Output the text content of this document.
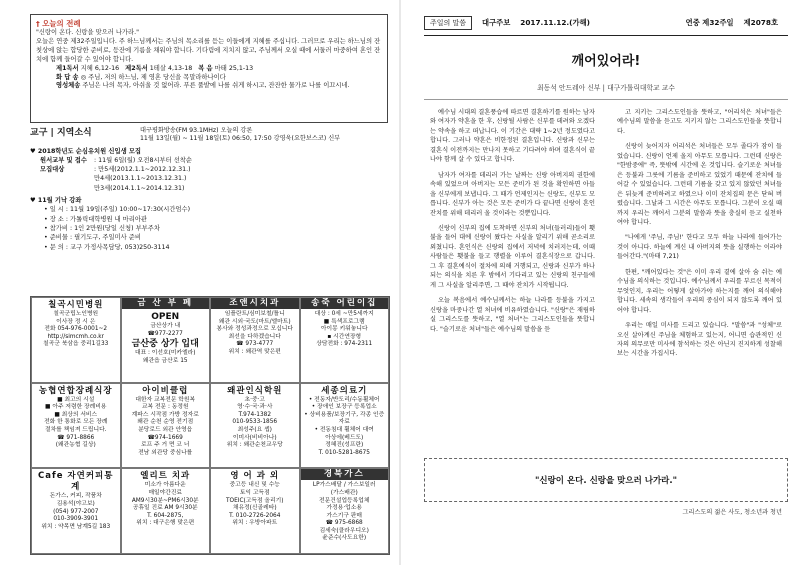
† 오늘의 전례
"신랑이 온다. 신랑을 맞으러 나가라."
오늘은 연중 제32주일입니다. 주 하느님께서는 주님의 목소리를 듣는 이들에게 지혜를 주십니다. 그러므로 우리는 하느님의 잔칫상에 앉는 합당한 준비로, 등잔에 기름을 채워야 합니다. 기다림에 지치지 않고, 주님께서 오실 때에 서둘러 마중하여 혼인 잔치에 함께 들어갈 수 있어야 합니다.
제1독서 지혜 6,12-16 제2독서 1테살 4,13-18 복 음 마태 25,1-13
화 답 송 ◎ 주님, 저의 하느님, 제 영혼 당신을 목말라하나이다
영성체송 주님은 나의 목자, 아쉬울 것 없어라. 푸른 풀밭에 나를 쉬게 하시고, 잔잔한 물가로 나를 이끄시네.
교구 | 지역소식	대구평화방송(FM 93.1MHz) 오늘의 강론
11월 13일(월) ~ 11월 18일(토) 06:50, 17:50 강영욱(요한보스코) 신부
♥ 2018학년도 순심유치원 신입생 모집
원서교부 및 접수	: 11월 6일(월) 오전8시부터 선착순
모집대상	: 만5세(2012.1.1~2012.12.31.)
만4세(2013.1.1~2013.12.31.)
만3세(2014.1.1~2014.12.31)
♥ 11월 기낙 강좌
• 일 시 : 11월 19일(주일) 10:00~17:30(시간엄수)
• 장 소 : 가톨릭대학병원 내 마리아관
• 참가비 : 1인 2만원(당일 신청) 부부주차
• 준비물 : 필기도구, 주일미사 준비
• 문 의 : 교구 가정사목담당, 053)250-3114
칠곡시민병원
칠곡군립노인병원
이사장 정 시 은
전화 054-976-0001~2
http://simcmh.co.kr
칠곡군 북삼읍 중리1길33
금 산 부 페
OPEN
금산상가 내
☎977-2277
금산중 상가 입대
대표 : 이선호(미카엘라)
왜관읍 금산로 15
조앤시치과
임플란트/심미보철/틀니
왜관 시외·국도(마트/엘마트)
봉사와 정성과정으로 모십니다
최선을 다하겠습니다
☎ 973-4777
위치 : 왜관역 맞은편
송죽 어린이집
대상 : 0세 ~만5세까지
■ 특색프로그램
아이몽 키워놓니다
▪ 시간연장형
상담전화 : 974-2311
농협연합장례식장
■ 최고의 시설
■ 아주 저렴한 장례비용
■ 최상의 서비스
전화 한 통화로 모든 장례
절차를 책임져 드립니다.
☎ 971-8866
(왜관농협 길상)
아이비클럽
대한자 교복전문 학원복
교복 전문 : 동정원
계파스 시작점 가방 정자로
왜관 순천 순영 전기점
분당로드 외관 안영읍
☎974-1669
로프 주 거 면 코 너
전남 외관당 중심나를
왜관인식학원
초·중·고
영·수·국·과·사
T.974-1382
010-9533-1856
최성주(요 셉)
이미사(비비아나)
위치 : 왜관순천교우당
세종의료기
• 전동자/반도리/수동휠체어
• 장애인 보장구 등록업소
• 상비용품/보장기구, 각종 인증자료
• 전동침대 휠체어 대여
아상에(베드도)
정혜진(성프란)
T. 010-5281-8675
Cafe 자연커피통계
돈가스, 커피, 작품차
김용석(야고보)
(054) 977-2007
010-3909-3901
위치 : 약목면 남계5길 183
엘리트 치과
미소가 아름다운
매일야간진료
AM9시30분~PM6시30분
공휴일 진료 AM 9시30분
T. 604-2875,
위치 : 대구은행 맞은편
영 어 과 외
중고등 내신 및 수능
토익 고득점
TOEIC(고득점 올리기)
채유정(신골레타)
T. 010-2726-2064
위치 : 우방아파트
경북가스
LP가스배달 / 가스보일러
(가스배관)
전문건설업등록업체
가정용·업소용
가스기구 판매
☎ 975-6868
김세숙(클라우디오)
윤준수(사도요한)
주일의 말씀	대구주보 2017.11.12.(가해)	연중 제32주일 제2078호
깨어있어라!
최동석 안드레아 신부 | 대구가톨릭대학교 교수

예수님 시대의 결혼풍습에 따르면 결혼하기를 원하는 남자와 여자가 약혼을 한 후, 신랑될 사람은 신부를 데려와 오겠다는 약속을 하고 떠납니다. 이 기간은 대략 1~2년 정도였다고 합니다. 그러나 약혼은 비한정된 결혼입니다. 신랑과 신부는 결혼식 이전까지는 만나지 못하고 기다려야 하며 결혼식이 끝나야 함께 살 수 있다고 합니다.

남자가 여자를 데리러 가는 날짜는 신랑 아버지의 권한에 속해 있었으며 아버지는 모든 준비가 된 것을 확인하면 아들을 신부에게 보냅니다. 그 때가 언제인지는 신랑도, 신부도 모릅니다. 신부가 아는 것은 모든 준비가 다 끝나면 신랑이 혼인 잔치를 위해 데리러 올 것이라는 것뿐입니다.

신랑이 신부의 집에 도착하면 신부의 처녀(들러리)들이 횃불을 들어 대에 신랑이 왔다는 사실을 알리기 위해 곧소리로 외쳤니다. 혼인식은 신랑의 집에서 저녁에 치러지는데, 이때 사람들은 횃불을 들고 행렬을 이루어 결혼식장으로 갑니다. 그 후 결혼예식이 절차에 의해 거행되고, 신랑과 신부가 하나 되는 의식을 치른 후 밤에서 기다리고 있는 신랑의 친구들에게 그 사실을 알리주면, 그 때야 잔치가 시작됩니다.

오늘 복음에서 예수님께서는 하늘 나라를 등불을 가지고 신랑을 마중나간 열 처녀에 비유하였습니다. "신랑"은 재림하실 그리스도를 뜻하고, "열 처녀"는 그리스도인들을 뜻합니다. "슬기로운 처녀"들은 예수님의 말씀을 듣

고 지키는 그리스도인들을 뜻하고, "어리석은 처녀"들은 예수님의 말씀을 듣고도 지키지 않는 그리스도인들을 뜻합니다.

신랑이 늦어지자 어리석은 처녀들은 모두 졸다가 잠이 들었습니다. 신랑이 언제 올지 아무도 모릅니다. 그런데 신랑은 "한밤중에" 즉, 뜻밖에 시간에 온 것입니다. 슬기로운 처녀들은 등불과 그릇에 기름을 준비하고 있었기 때문에 잔치에 들어갈 수 있었습니다. 그런데 기름을 갖고 있지 않았던 처녀들은 뒤늦게 준비하려고 하였으나 이미 잔치집의 문은 닫혀 버렸습니다. 그날과 그 시간은 아무도 모릅니다. 그분이 오실 때까지 우리는 깨어서 그분의 말씀과 뜻을 충실히 듣고 실천하여야 합니다.

"나에게 '주님, 주님!' 한다고 모두 하늘 나라에 들어가는 것이 아니다. 하늘에 계신 내 아버지의 뜻을 실행하는 이라야 들어간다."(마태 7,21)

한편, "깨어있다는 것"은 이미 우리 곁에 살아 숨 쉬는 예수님을 의식하는 것입니다. 예수님께서 우리를 부르신 목적이 무엇인지, 우리는 어떻게 살아가야 하는지를 깨어 의식해야 합니다. 세속의 생각들이 우리의 중심이 되지 않도록 깨어 있어야 합니다.

우리는 매일 미사를 드리고 있습니다. "말씀"과 "성체"로 오신 살아계신 주님을 체험하고 있는지, 어니면 습관적인 신자의 의무로만 미사에 참석하는 것은 아닌지 진지하게 성찰해보는 시간을 가집시다.

"신랑이 온다. 신랑을 맞으러 나가라."
그리스도의 젊은 사도, 청소년과 청년
